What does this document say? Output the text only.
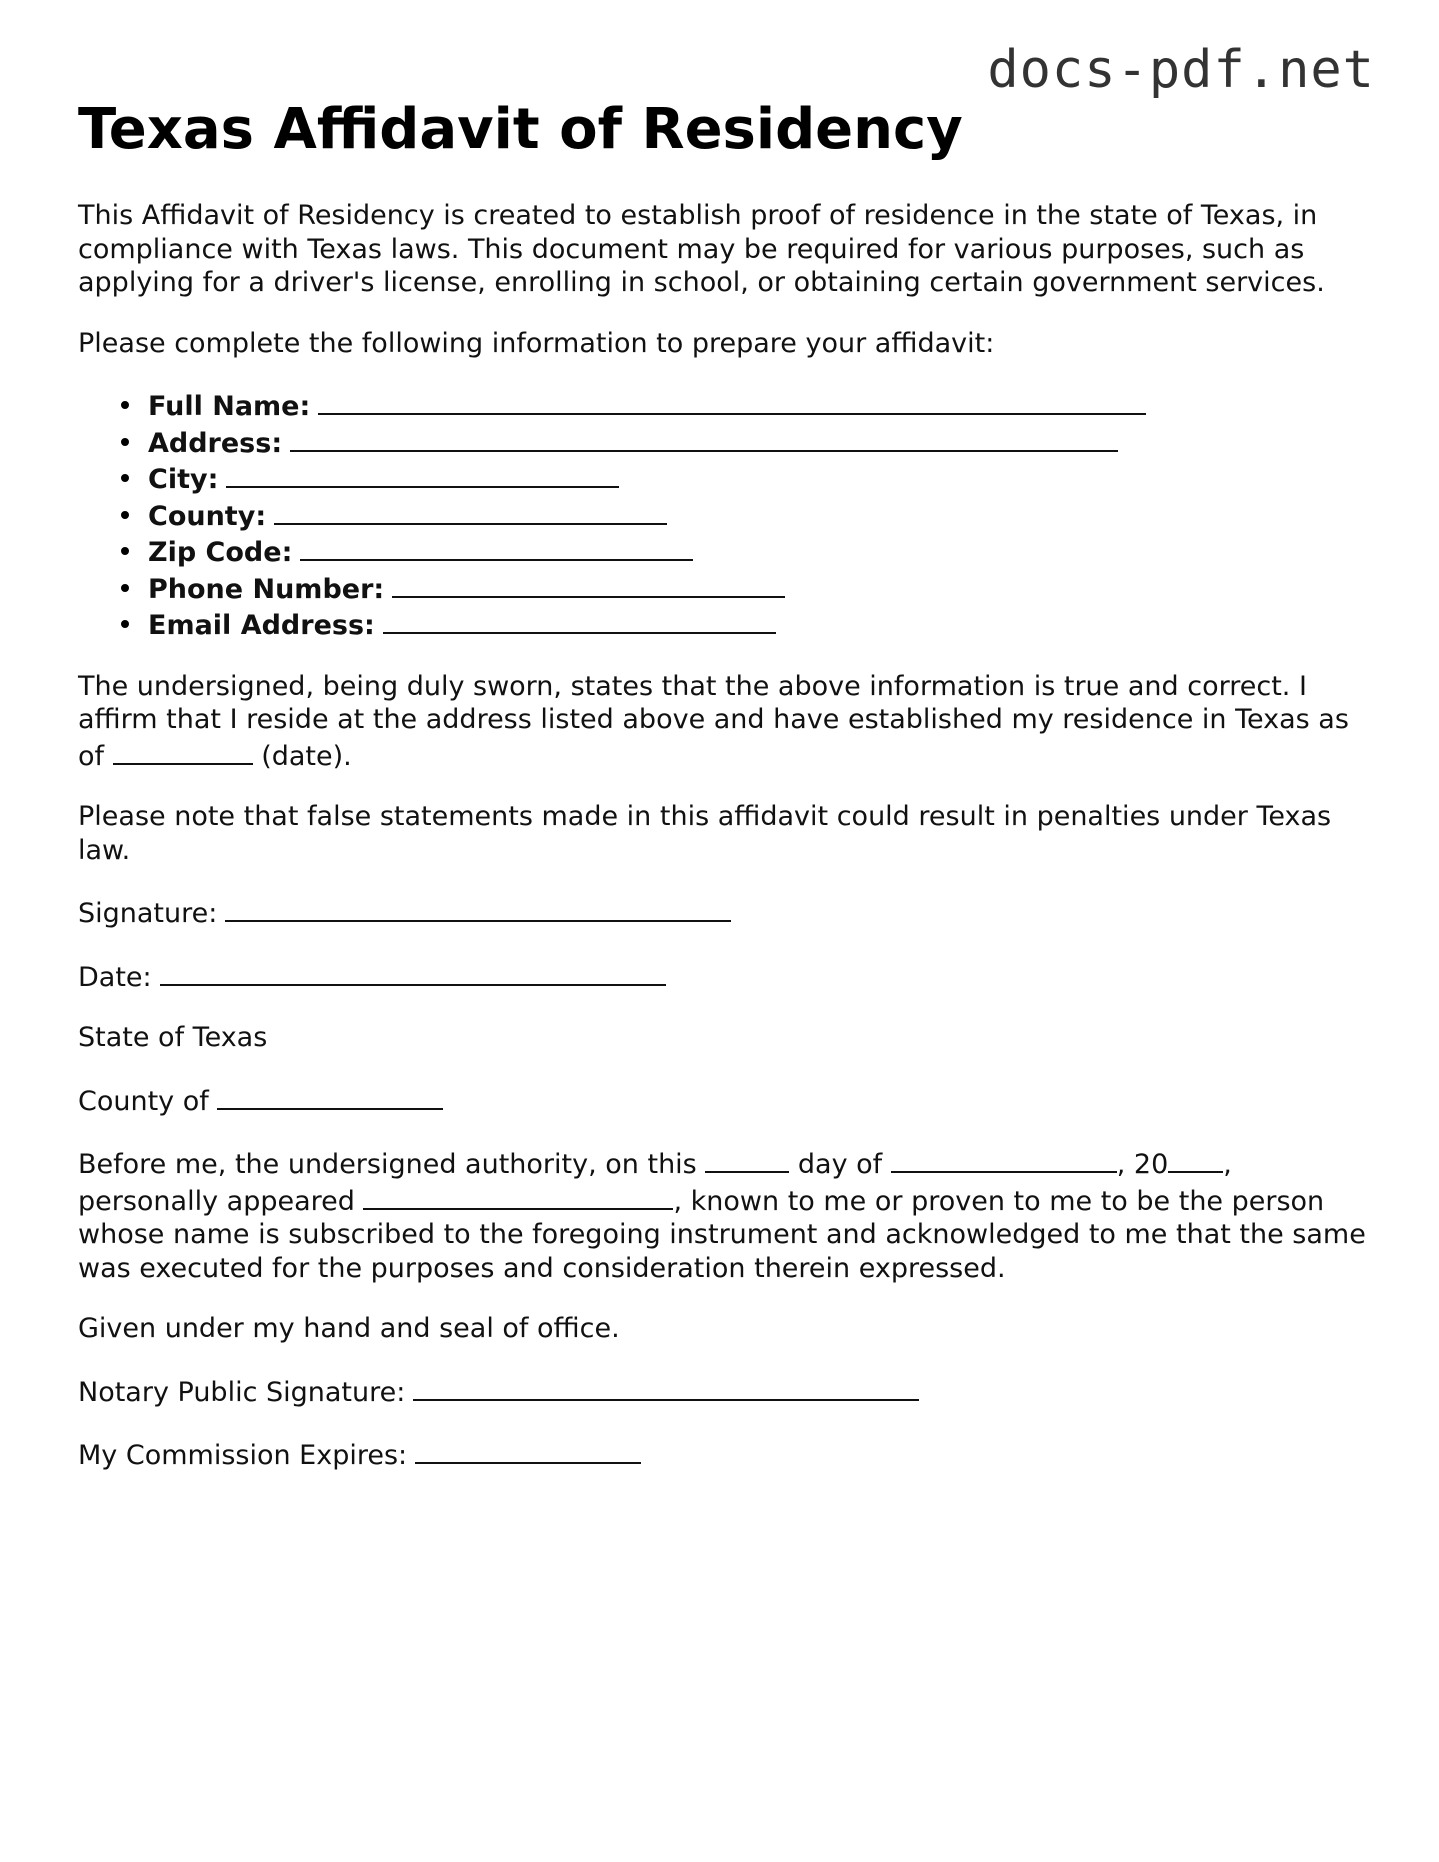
docs-pdf.net
Texas Affidavit of Residency

This Affidavit of Residency is created to establish proof of residence in the state of Texas, in compliance with Texas laws. This document may be required for various purposes, such as applying for a driver's license, enrolling in school, or obtaining certain government services.

Please complete the following information to prepare your affidavit:

Full Name:
Address:
City:
County:
Zip Code:
Phone Number:
Email Address:

The undersigned, being duly sworn, states that the above information is true and correct. I affirm that I reside at the address listed above and have established my residence in Texas as of	(date).

Please note that false statements made in this affidavit could result in penalties under Texas law.

Signature:

Date:

State of Texas

County of

Before me, the undersigned authority, on this	day of	, 20 , personally appeared	, known to me or proven to me to be the person whose name is subscribed to the foregoing instrument and acknowledged to me that the same was executed for the purposes and consideration therein expressed.

Given under my hand and seal of office.

Notary Public Signature:

My Commission Expires:
